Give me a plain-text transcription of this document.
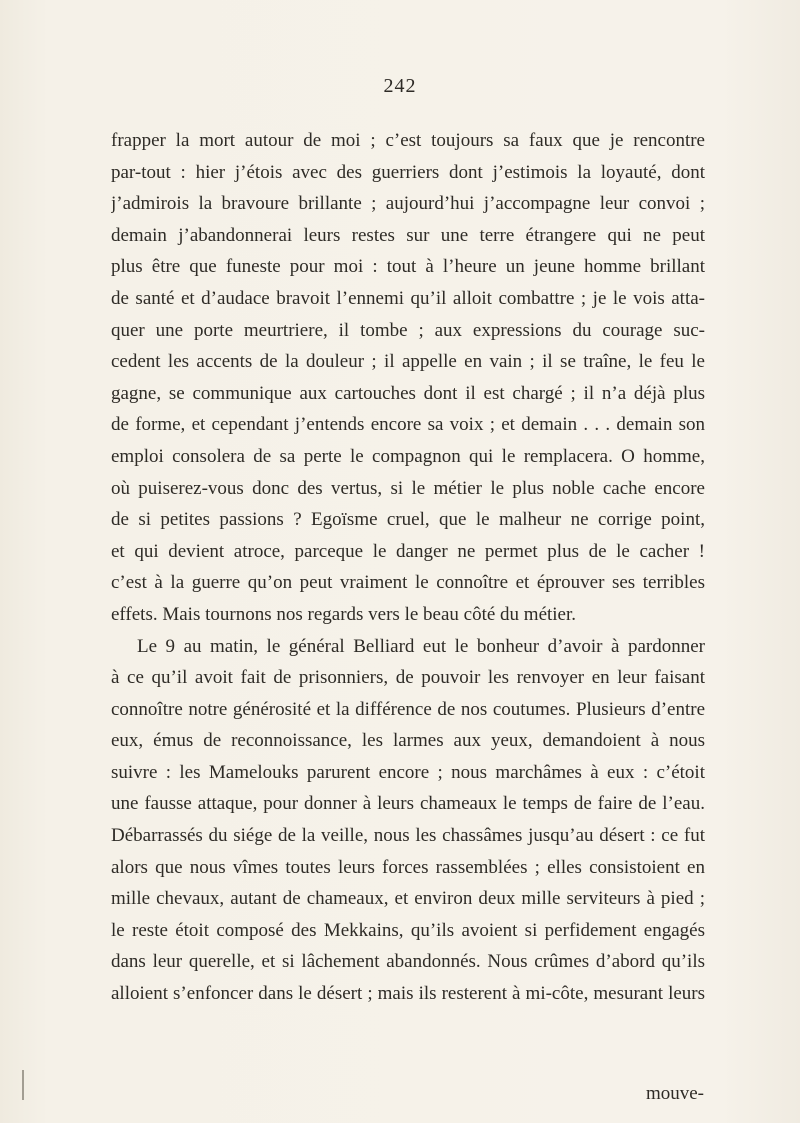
242
frapper la mort autour de moi ; c’est toujours sa faux que je rencontre
par-tout : hier j’étois avec des guerriers dont j’estimois la loyauté, dont
j’admirois la bravoure brillante ; aujourd’hui j’accompagne leur convoi ;
demain j’abandonnerai leurs restes sur une terre étrangere qui ne peut
plus être que funeste pour moi : tout à l’heure un jeune homme brillant
de santé et d’audace bravoit l’ennemi qu’il alloit combattre ; je le vois atta-
quer une porte meurtriere, il tombe ; aux expressions du courage suc-
cedent les accents de la douleur ; il appelle en vain ; il se traîne, le feu le
gagne, se communique aux cartouches dont il est chargé ; il n’a déjà plus
de forme, et cependant j’entends encore sa voix ; et demain . . . demain son
emploi consolera de sa perte le compagnon qui le remplacera. O homme,
où puiserez-vous donc des vertus, si le métier le plus noble cache encore
de si petites passions ? Egoïsme cruel, que le malheur ne corrige point,
et qui devient atroce, parceque le danger ne permet plus de le cacher !
c’est à la guerre qu’on peut vraiment le connoître et éprouver ses terribles
effets. Mais tournons nos regards vers le beau côté du métier.
Le 9 au matin, le général Belliard eut le bonheur d’avoir à pardonner
à ce qu’il avoit fait de prisonniers, de pouvoir les renvoyer en leur faisant
connoître notre générosité et la différence de nos coutumes. Plusieurs d’entre
eux, émus de reconnoissance, les larmes aux yeux, demandoient à nous
suivre : les Mamelouks parurent encore ; nous marchâmes à eux : c’étoit
une fausse attaque, pour donner à leurs chameaux le temps de faire de l’eau.
Débarrassés du siége de la veille, nous les chassâmes jusqu’au désert : ce fut
alors que nous vîmes toutes leurs forces rassemblées ; elles consistoient en
mille chevaux, autant de chameaux, et environ deux mille serviteurs à pied ;
le reste étoit composé des Mekkains, qu’ils avoient si perfidement engagés
dans leur querelle, et si lâchement abandonnés. Nous crûmes d’abord qu’ils
alloient s’enfoncer dans le désert ; mais ils resterent à mi-côte, mesurant leurs
mouve-
